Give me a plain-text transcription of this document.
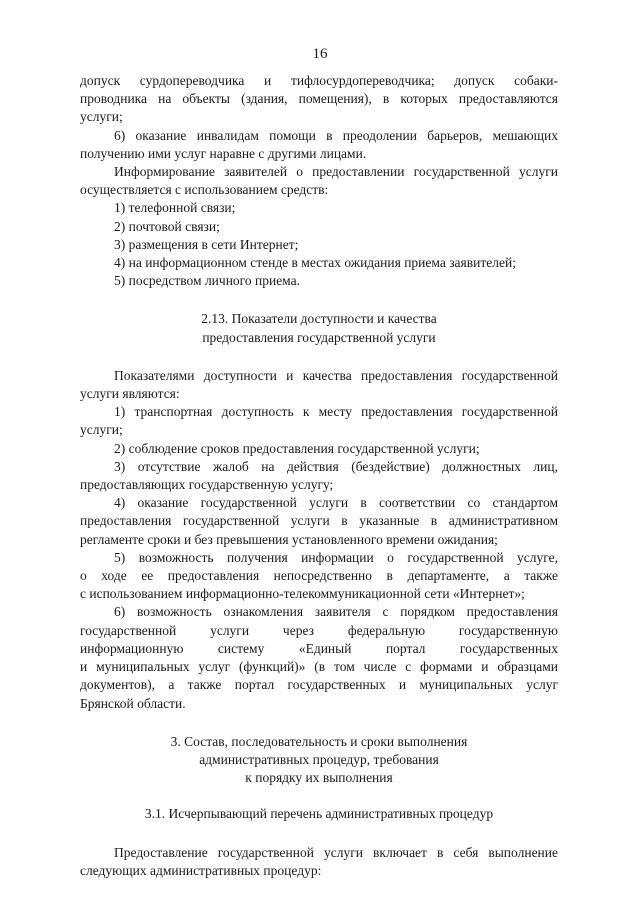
16

допуск сурдопереводчика и тифлосурдопереводчика; допуск собаки-

проводника на объекты (здания, помещения), в которых предоставляются

услуги;

6) оказание инвалидам помощи в преодолении барьеров, мешающих

получению ими услуг наравне с другими лицами.

Информирование заявителей о предоставлении государственной услуги

осуществляется с использованием средств:

1) телефонной связи;

2) почтовой связи;

3) размещения в сети Интернет;

4) на информационном стенде в местах ожидания приема заявителей;

5) посредством личного приема.

2.13. Показатели доступности и качества

предоставления государственной услуги

Показателями доступности и качества предоставления государственной

услуги являются:

1) транспортная доступность к месту предоставления государственной

услуги;

2) соблюдение сроков предоставления государственной услуги;

3) отсутствие жалоб на действия (бездействие) должностных лиц,

предоставляющих государственную услугу;

4) оказание государственной услуги в соответствии со стандартом

предоставления государственной услуги в указанные в административном

регламенте сроки и без превышения установленного времени ожидания;

5) возможность получения информации о государственной услуге,

о ходе ее предоставления непосредственно в департаменте, а также

с использованием информационно-телекоммуникационной сети «Интернет»;

6) возможность ознакомления заявителя с порядком предоставления

государственной услуги через федеральную государственную

информационную систему «Единый портал государственных

и муниципальных услуг (функций)» (в том числе с формами и образцами

документов), а также портал государственных и муниципальных услуг

Брянской области.

3. Состав, последовательность и сроки выполнения

административных процедур, требования

к порядку их выполнения

3.1. Исчерпывающий перечень административных процедур

Предоставление государственной услуги включает в себя выполнение

следующих административных процедур:
